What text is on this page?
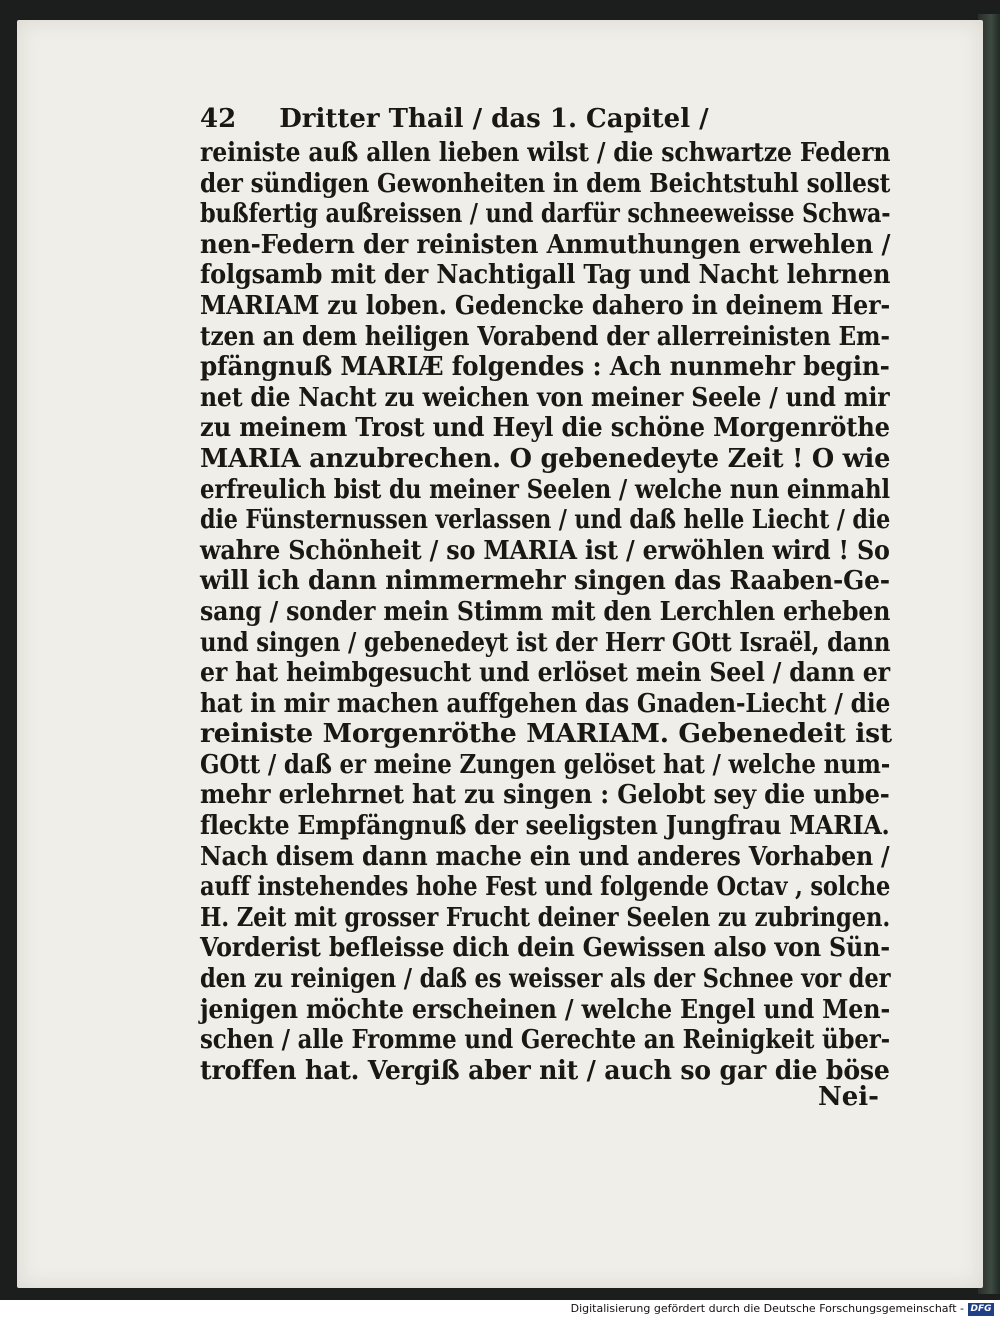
42 Dritter Thail / das 1. Capitel /
reiniste auß allen lieben wilst / die schwartze Federn
der sündigen Gewonheiten in dem Beichtstuhl sollest
bußfertig außreissen / und darfür schneeweisse Schwa-
nen-Federn der reinisten Anmuthungen erwehlen /
folgsamb mit der Nachtigall Tag und Nacht lehrnen
MARIAM zu loben. Gedencke dahero in deinem Her-
tzen an dem heiligen Vorabend der allerreinisten Em-
pfängnuß MARIÆ folgendes : Ach nunmehr begin-
net die Nacht zu weichen von meiner Seele / und mir
zu meinem Trost und Heyl die schöne Morgenröthe
MARIA anzubrechen. O gebenedeyte Zeit ! O wie
erfreulich bist du meiner Seelen / welche nun einmahl
die Fünsternussen verlassen / und daß helle Liecht / die
wahre Schönheit / so MARIA ist / erwöhlen wird ! So
will ich dann nimmermehr singen das Raaben-Ge-
sang / sonder mein Stimm mit den Lerchlen erheben
und singen / gebenedeyt ist der Herr GOtt Israël, dann
er hat heimbgesucht und erlöset mein Seel / dann er
hat in mir machen auffgehen das Gnaden-Liecht / die
reiniste Morgenröthe MARIAM. Gebenedeit ist
GOtt / daß er meine Zungen gelöset hat / welche num-
mehr erlehrnet hat zu singen : Gelobt sey die unbe-
fleckte Empfängnuß der seeligsten Jungfrau MARIA.
Nach disem dann mache ein und anderes Vorhaben /
auff instehendes hohe Fest und folgende Octav , solche
H. Zeit mit grosser Frucht deiner Seelen zu zubringen.
Vorderist befleisse dich dein Gewissen also von Sün-
den zu reinigen / daß es weisser als der Schnee vor der
jenigen möchte erscheinen / welche Engel und Men-
schen / alle Fromme und Gerechte an Reinigkeit über-
troffen hat. Vergiß aber nit / auch so gar die böse
Nei-
Digitalisierung gefördert durch die Deutsche Forschungsgemeinschaft - DFG
